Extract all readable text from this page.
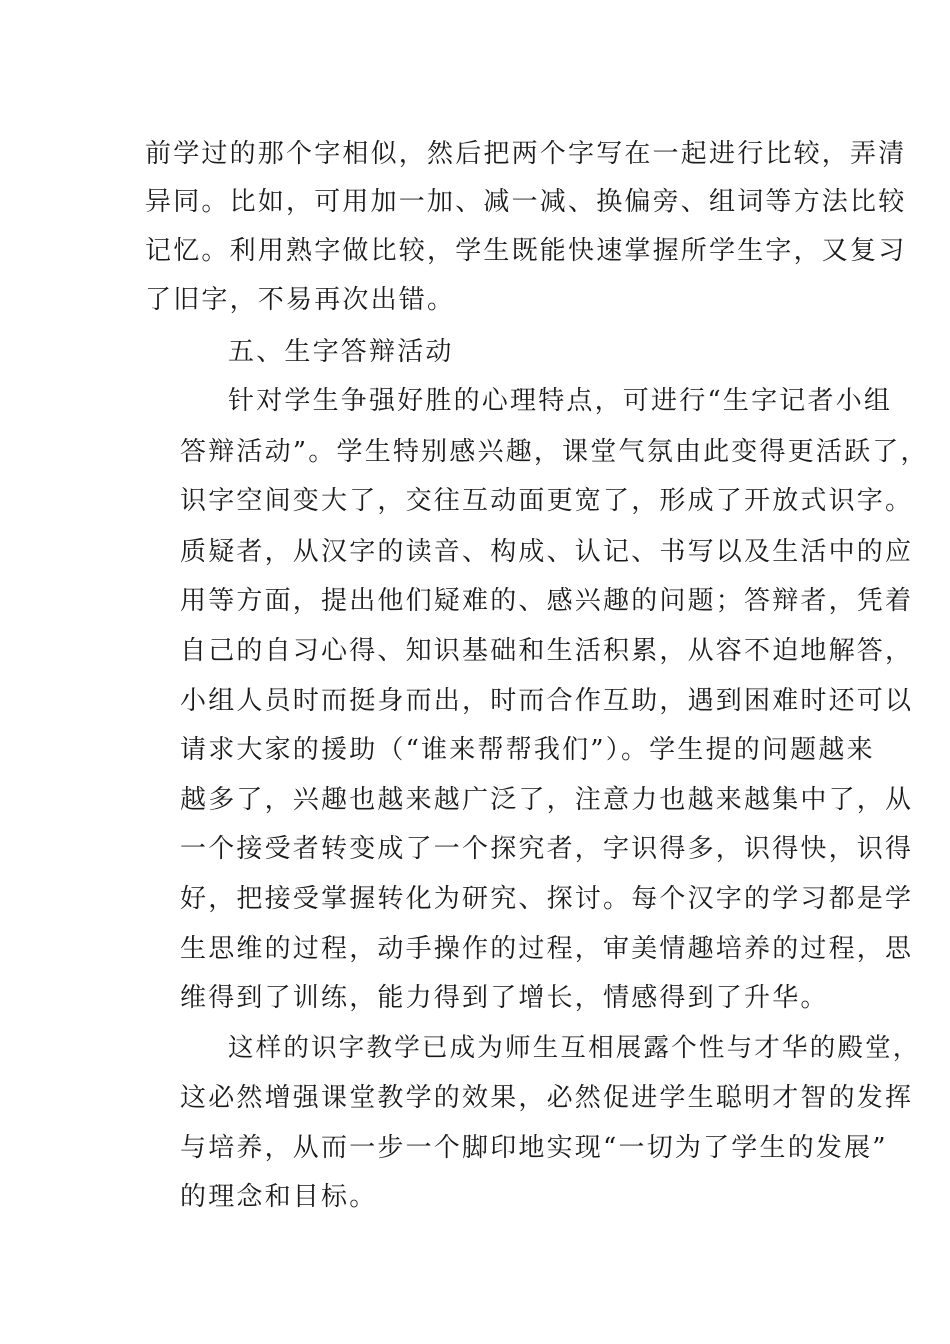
前学过的那个字相似，然后把两个字写在一起进行比较，弄清
异同。比如，可用加一加、减一减、换偏旁、组词等方法比较
记忆。利用熟字做比较，学生既能快速掌握所学生字，又复习
了旧字，不易再次出错。
五、生字答辩活动
针对学生争强好胜的心理特点，可进行“生字记者小组
答辩活动”。学生特别感兴趣，课堂气氛由此变得更活跃了，
识字空间变大了，交往互动面更宽了，形成了开放式识字。
质疑者，从汉字的读音、构成、认记、书写以及生活中的应
用等方面，提出他们疑难的、感兴趣的问题；答辩者，凭着
自己的自习心得、知识基础和生活积累，从容不迫地解答，
小组人员时而挺身而出，时而合作互助，遇到困难时还可以
请求大家的援助（“谁来帮帮我们”）。学生提的问题越来
越多了，兴趣也越来越广泛了，注意力也越来越集中了，从
一个接受者转变成了一个探究者，字识得多，识得快，识得
好，把接受掌握转化为研究、探讨。每个汉字的学习都是学
生思维的过程，动手操作的过程，审美情趣培养的过程，思
维得到了训练，能力得到了增长，情感得到了升华。
这样的识字教学已成为师生互相展露个性与才华的殿堂，
这必然增强课堂教学的效果，必然促进学生聪明才智的发挥
与培养，从而一步一个脚印地实现“一切为了学生的发展”
的理念和目标。
